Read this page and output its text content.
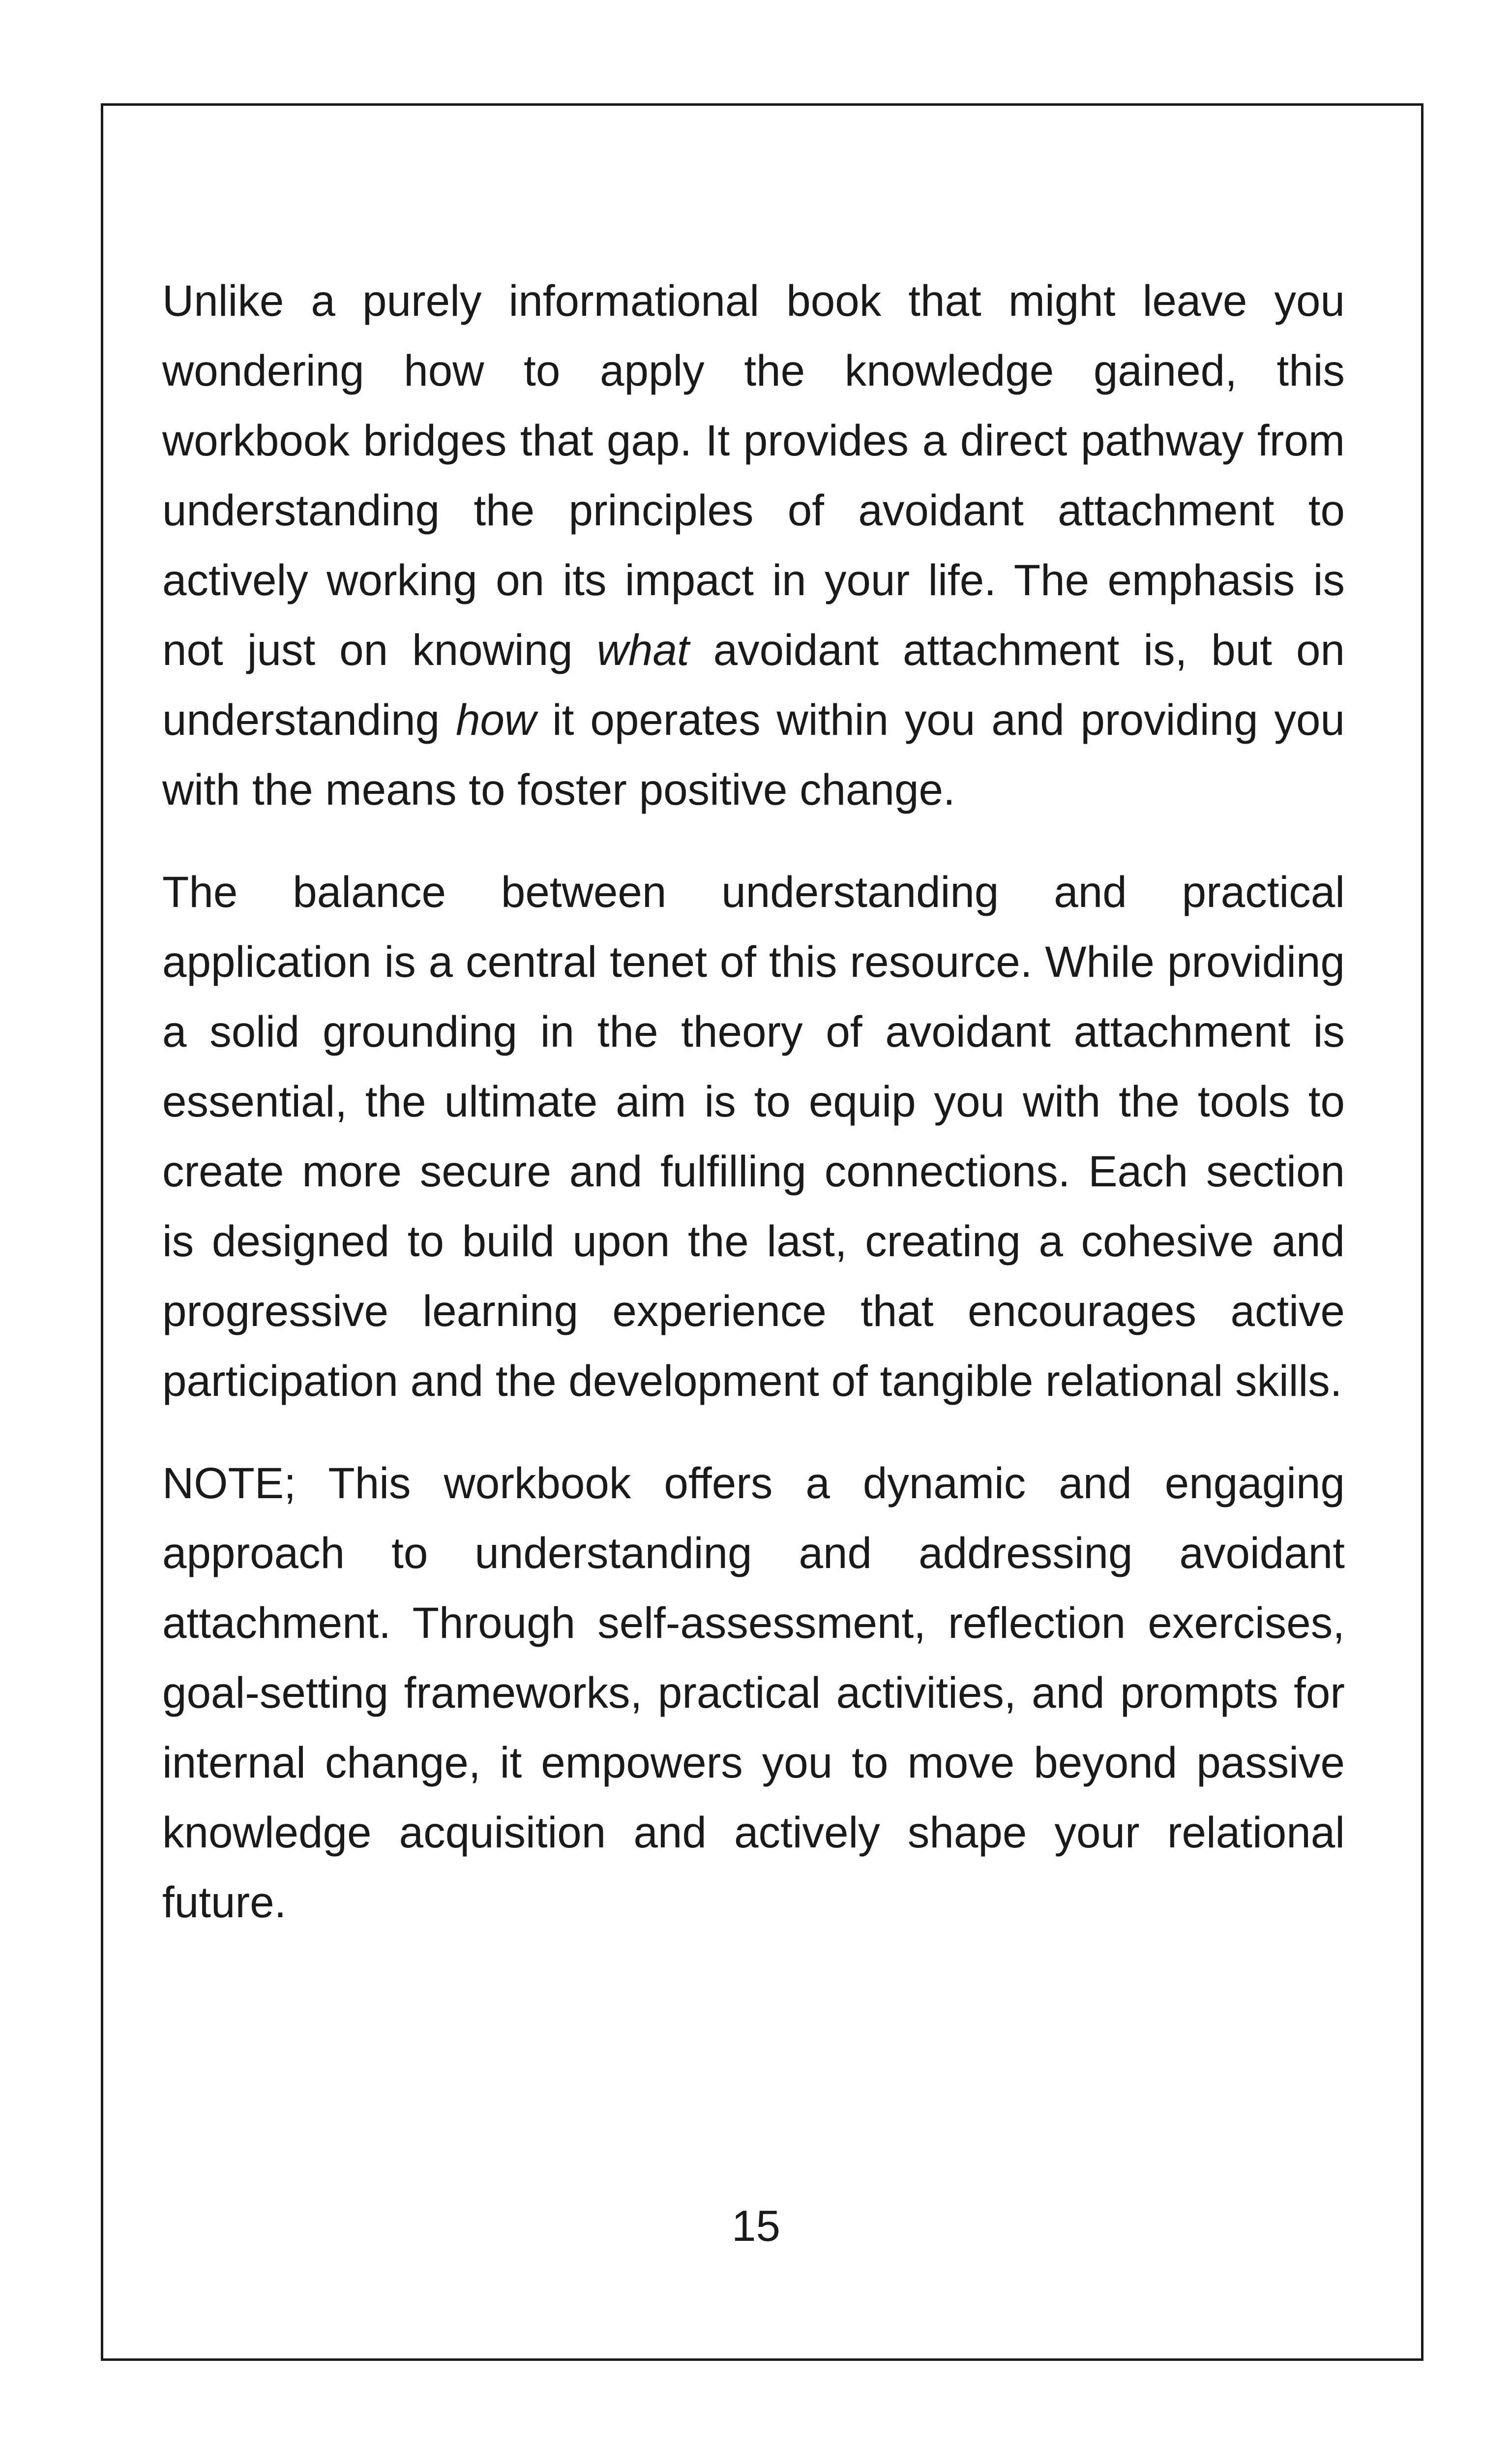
Unlike a purely informational book that might leave you wondering how to apply the knowledge gained, this workbook bridges that gap. It provides a direct pathway from understanding the principles of avoidant attachment to actively working on its impact in your life. The emphasis is not just on knowing what avoidant attachment is, but on understanding how it operates within you and providing you with the means to foster positive change.

The balance between understanding and practical application is a central tenet of this resource. While providing a solid grounding in the theory of avoidant attachment is essential, the ultimate aim is to equip you with the tools to create more secure and fulfilling connections. Each section is designed to build upon the last, creating a cohesive and progressive learning experience that encourages active participation and the development of tangible relational skills.

NOTE; This workbook offers a dynamic and engaging approach to understanding and addressing avoidant attachment. Through self-assessment, reflection exercises, goal-setting frameworks, practical activities, and prompts for internal change, it empowers you to move beyond passive knowledge acquisition and actively shape your relational future.

15
